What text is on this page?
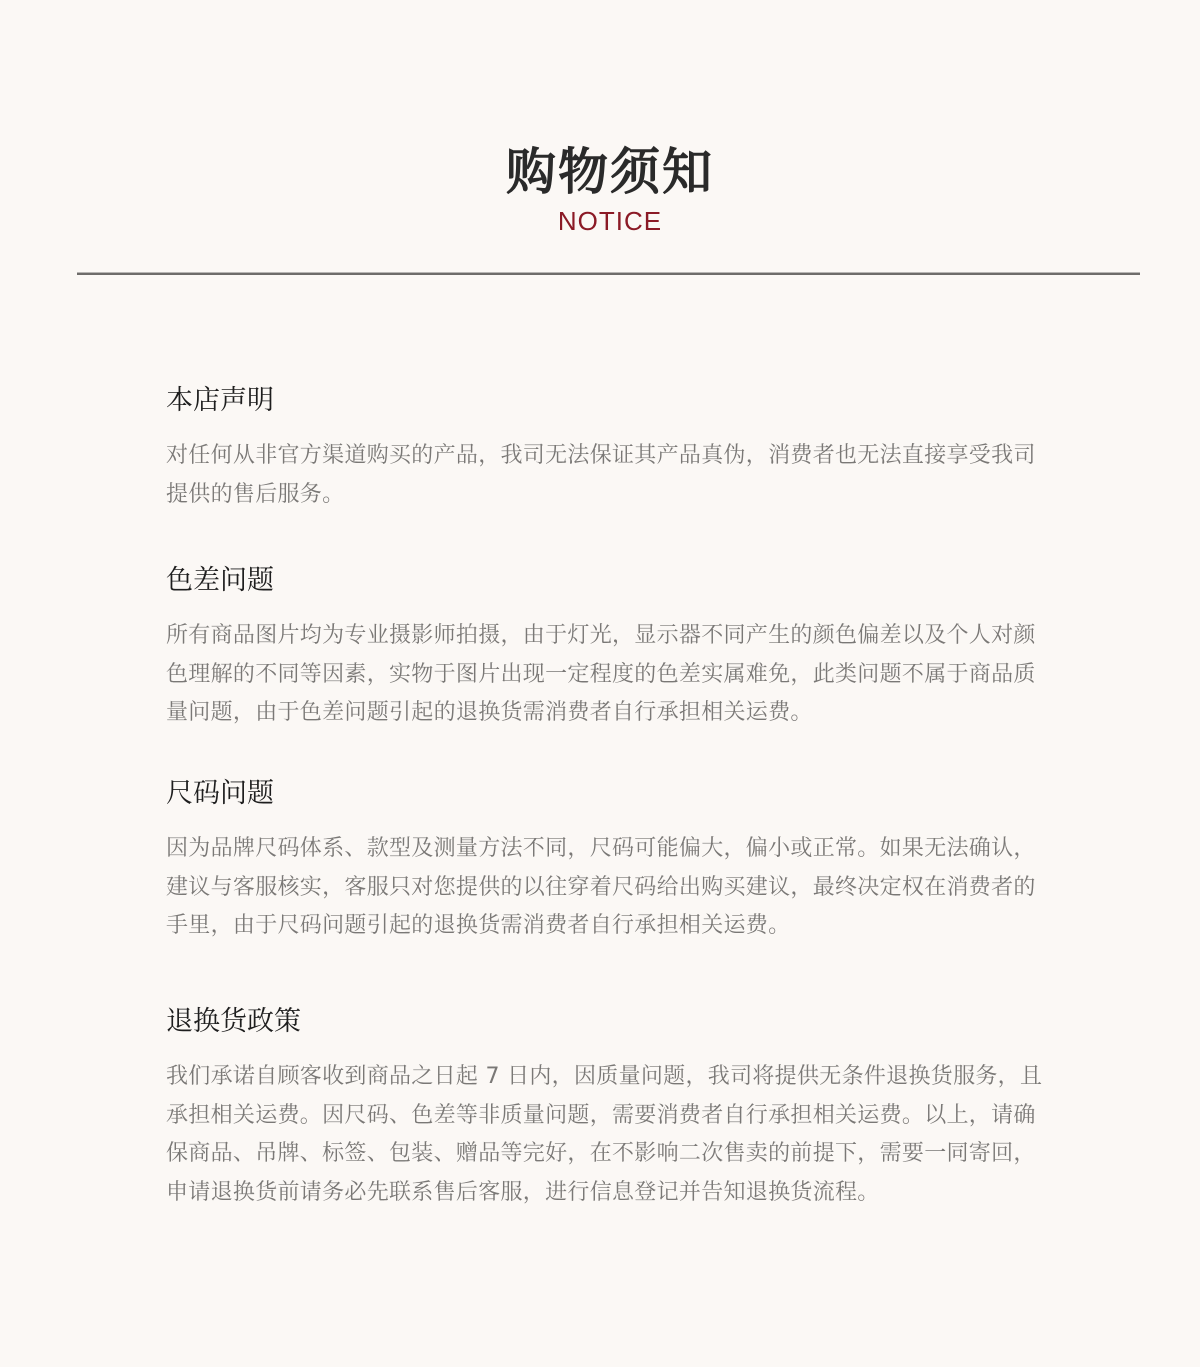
购物须知
NOTICE
本店声明

对任何从非官方渠道购买的产品，我司无法保证其产品真伪，消费者也无法直接享受我司提供的售后服务。

色差问题

所有商品图片均为专业摄影师拍摄，由于灯光，显示器不同产生的颜色偏差以及个人对颜色理解的不同等因素，实物于图片出现一定程度的色差实属难免，此类问题不属于商品质量问题，由于色差问题引起的退换货需消费者自行承担相关运费。

尺码问题

因为品牌尺码体系、款型及测量方法不同，尺码可能偏大，偏小或正常。如果无法确认，建议与客服核实，客服只对您提供的以往穿着尺码给出购买建议，最终决定权在消费者的手里，由于尺码问题引起的退换货需消费者自行承担相关运费。

退换货政策

我们承诺自顾客收到商品之日起 7 日内，因质量问题，我司将提供无条件退换货服务，且承担相关运费。因尺码、色差等非质量问题，需要消费者自行承担相关运费。以上，请确保商品、吊牌、标签、包装、赠品等完好，在不影响二次售卖的前提下，需要一同寄回，申请退换货前请务必先联系售后客服，进行信息登记并告知退换货流程。
